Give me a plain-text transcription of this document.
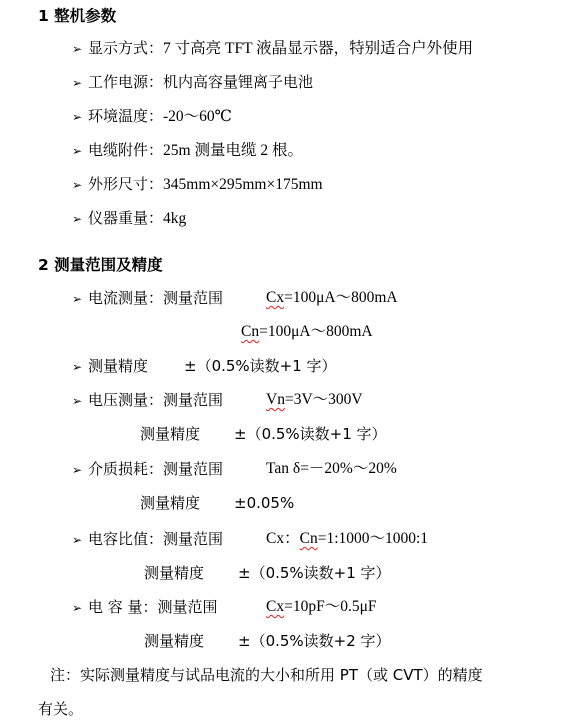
1 整机参数
➢ 显示方式：7 寸高亮 TFT 液晶显示器，特别适合户外使用
➢ 工作电源：机内高容量锂离子电池
➢ 环境温度：-20～60℃
➢ 电缆附件：25m 测量电缆 2 根。
➢ 外形尺寸：345mm×295mm×175mm
➢ 仪器重量：4kg
2 测量范围及精度
➢ 电流测量：测量范围	Cx=100μA～800mA
Cn=100μA～800mA
➢ 测量精度 ±（0.5%读数+1 字）
➢ 电压测量：测量范围	Vn=3V～300V
测量精度 ±（0.5%读数+1 字）
➢ 介质损耗：测量范围	Tan δ=－20%～20%
测量精度 ±0.05%
➢ 电容比值：测量范围	Cx：Cn=1:1000～1000:1
测量精度 ±（0.5%读数+1 字）
➢ 电 容 量：测量范围	Cx=10pF～0.5μF
测量精度 ±（0.5%读数+2 字）
注：实际测量精度与试品电流的大小和所用 PT（或 CVT）的精度
有关。
